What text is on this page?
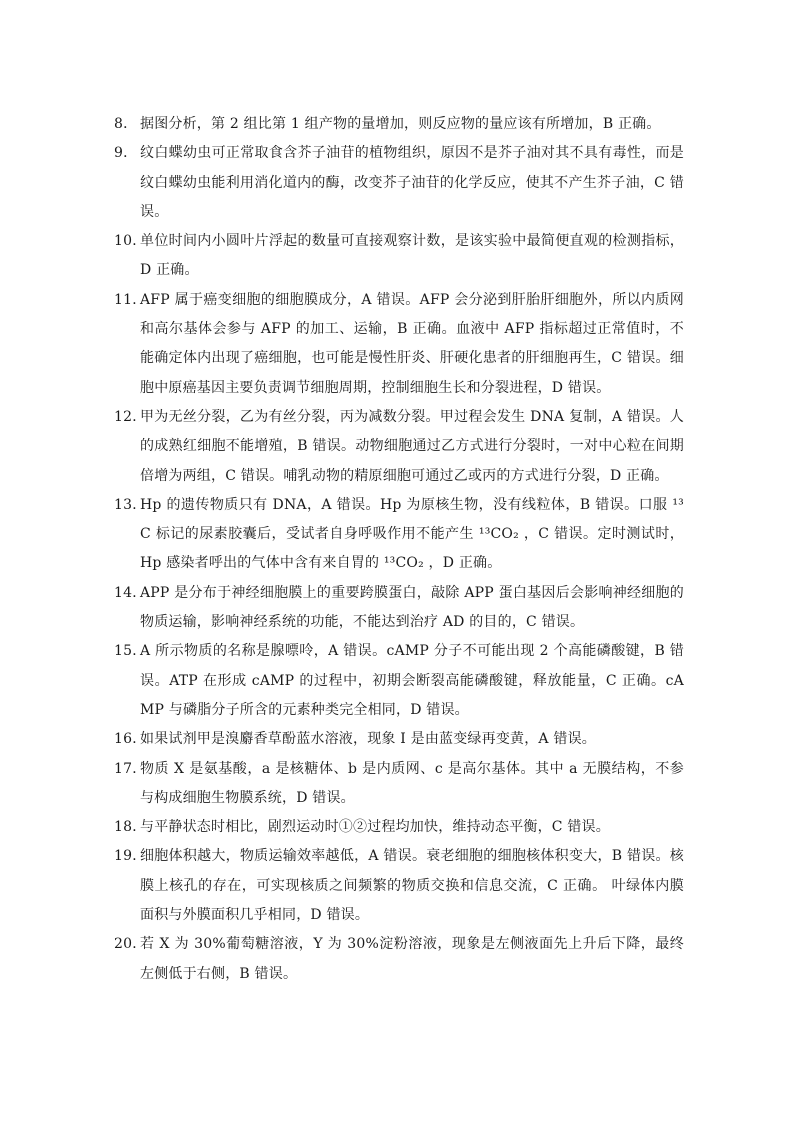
8． 据图分析，第 2 组比第 1 组产物的量增加，则反应物的量应该有所增加，B 正确。
9． 纹白蝶幼虫可正常取食含芥子油苷的植物组织，原因不是芥子油对其不具有毒性，而是纹白蝶幼虫能利用消化道内的酶，改变芥子油苷的化学反应，使其不产生芥子油，C 错误。
10．
单位时间内小圆叶片浮起的数量可直接观察计数，是该实验中最简便直观的检测指标，D 正确。
11．
AFP 属于癌变细胞的细胞膜成分，A 错误。AFP 会分泌到肝胎肝细胞外，所以内质网和高尔基体会参与 AFP 的加工、运输，B 正确。血液中 AFP 指标超过正常值时，不能确定体内出现了癌细胞，也可能是慢性肝炎、肝硬化患者的肝细胞再生，C 错误。细胞中原癌基因主要负责调节细胞周期，控制细胞生长和分裂进程，D 错误。
12．
甲为无丝分裂，乙为有丝分裂，丙为减数分裂。甲过程会发生 DNA 复制，A 错误。人的成熟红细胞不能增殖，B 错误。动物细胞通过乙方式进行分裂时，一对中心粒在间期倍增为两组，C 错误。哺乳动物的精原细胞可通过乙或丙的方式进行分裂，D 正确。
13．
Hp 的遗传物质只有 DNA，A 错误。Hp 为原核生物，没有线粒体，B 错误。口服 ¹³C 标记的尿素胶囊后，受试者自身呼吸作用不能产生 ¹³CO₂ ，C 错误。定时测试时，Hp 感染者呼出的气体中含有来自胃的 ¹³CO₂ ，D 正确。
14．
APP 是分布于神经细胞膜上的重要跨膜蛋白，敲除 APP 蛋白基因后会影响神经细胞的物质运输，影响神经系统的功能，不能达到治疗 AD 的目的，C 错误。
15．
A 所示物质的名称是腺嘌呤，A 错误。cAMP 分子不可能出现 2 个高能磷酸键，B 错误。ATP 在形成 cAMP 的过程中，初期会断裂高能磷酸键，释放能量，C 正确。cAMP 与磷脂分子所含的元素种类完全相同，D 错误。
16．
如果试剂甲是溴麝香草酚蓝水溶液，现象 I 是由蓝变绿再变黄，A 错误。
17．
物质 X 是氨基酸，a 是核糖体、b 是内质网、c 是高尔基体。其中 a 无膜结构，不参与构成细胞生物膜系统，D 错误。
18．
与平静状态时相比，剧烈运动时①②过程均加快，维持动态平衡，C 错误。
19．
细胞体积越大，物质运输效率越低，A 错误。衰老细胞的细胞核体积变大，B 错误。核膜上核孔的存在，可实现核质之间频繁的物质交换和信息交流，C 正确。 叶绿体内膜面积与外膜面积几乎相同，D 错误。
20．
若 X 为 30%葡萄糖溶液，Y 为 30%淀粉溶液，现象是左侧液面先上升后下降，最终左侧低于右侧，B 错误。
